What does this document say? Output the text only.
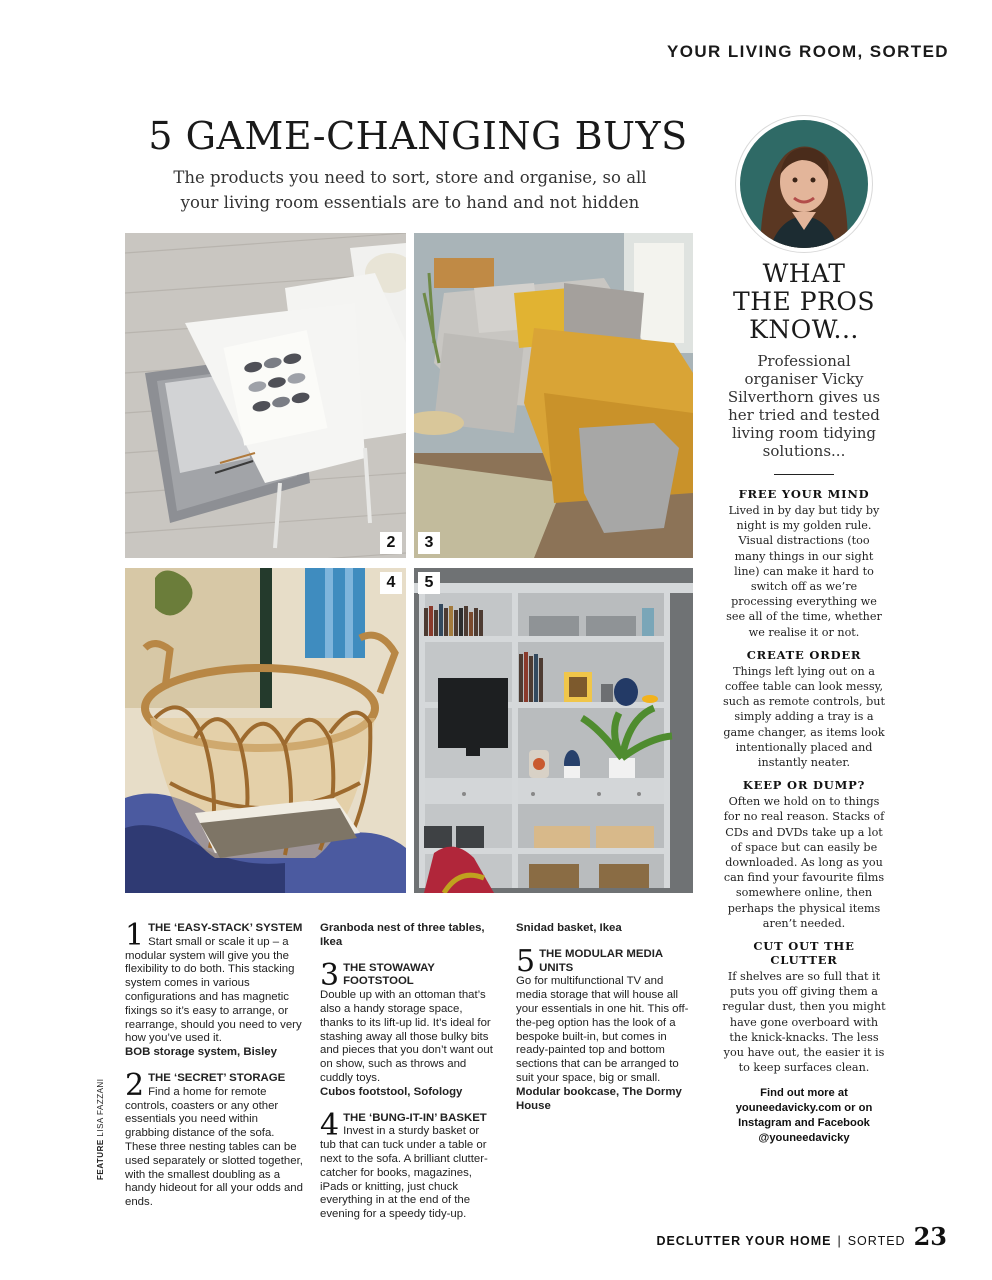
YOUR LIVING ROOM, SORTED
5 GAME-CHANGING BUYS
The products you need to sort, store and organise, so all
your living room essentials are to hand and not hidden
2	3
4	5
1 THE ‘EASY-STACK’ SYSTEM
Start small or scale it up – a modular system will give you the flexibility to do both. This stacking system comes in various configurations and has magnetic fixings so it’s easy to arrange, or rearrange, should you need to very how you’ve used it.
BOB storage system, Bisley
2 THE ‘SECRET’ STORAGE
Find a home for remote controls, coasters or any other essentials you need within grabbing distance of the sofa. These three nesting tables can be used separately or slotted together, with the smallest doubling as a handy hideout for all your odds and ends.
Granboda nest of three tables, Ikea
3 THE STOWAWAY FOOTSTOOL
Double up with an ottoman that’s also a handy storage space, thanks to its lift-up lid. It’s ideal for stashing away all those bulky bits and pieces that you don’t want out on show, such as throws and cuddly toys.
Cubos footstool, Sofology
4 THE ‘BUNG-IT-IN’ BASKET
Invest in a sturdy basket or tub that can tuck under a table or next to the sofa. A brilliant clutter-catcher for books, magazines, iPads or knitting, just chuck everything in at the end of the evening for a speedy tidy-up.
Snidad basket, Ikea
5 THE MODULAR MEDIA UNITS
Go for multifunctional TV and media storage that will house all your essentials in one hit. This off-the-peg option has the look of a bespoke built-in, but comes in ready-painted top and bottom sections that can be arranged to suit your space, big or small.
Modular bookcase, The Dormy House
FEATURE LISA FAZZANI
WHAT
THE PROS
KNOW...
Professional organiser Vicky Silverthorn gives us her tried and tested living room tidying solutions...
FREE YOUR MIND
Lived in by day but tidy by night is my golden rule. Visual distractions (too many things in our sight line) can make it hard to switch off as we’re processing everything we see all of the time, whether we realise it or not.
CREATE ORDER
Things left lying out on a coffee table can look messy, such as remote controls, but simply adding a tray is a game changer, as items look intentionally placed and instantly neater.
KEEP OR DUMP?
Often we hold on to things for no real reason. Stacks of CDs and DVDs take up a lot of space but can easily be downloaded. As long as you can find your favourite films somewhere online, then perhaps the physical items aren’t needed.
CUT OUT THE CLUTTER
If shelves are so full that it puts you off giving them a regular dust, then you might have gone overboard with the knick-knacks. The less you have out, the easier it is to keep surfaces clean.
Find out more at
youneedavicky.com or on
Instagram and Facebook
@youneedavicky
DECLUTTER YOUR HOME | SORTED 23
